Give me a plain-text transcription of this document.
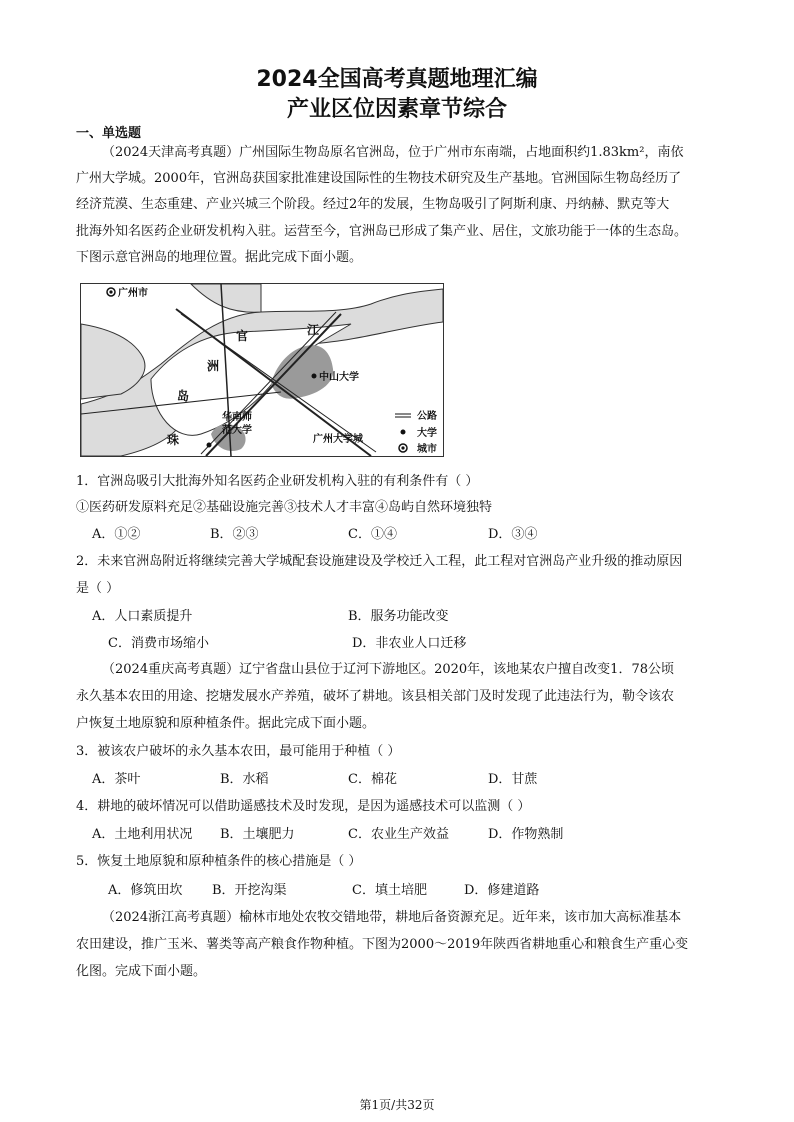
2024全国高考真题地理汇编
产业区位因素章节综合
一、单选题
（2024天津高考真题）广州国际生物岛原名官洲岛，位于广州市东南端，占地面积约1.83km²，南依
广州大学城。2000年，官洲岛获国家批准建设国际性的生物技术研究及生产基地。官洲国际生物岛经历了
经济荒漠、生态重建、产业兴城三个阶段。经过2年的发展，生物岛吸引了阿斯利康、丹纳赫、默克等大
批海外知名医药企业研发机构入驻。运营至今，官洲岛已形成了集产业、居住，文旅功能于一体的生态岛。
下图示意官洲岛的地理位置。据此完成下面小题。
广州市
江
官
洲
岛
珠
中山大学
华南师
范大学
广州大学城
公路
大学
城市
1．官洲岛吸引大批海外知名医药企业研发机构入驻的有利条件有（ ）
①医药研发原料充足②基础设施完善③技术人才丰富④岛屿自然环境独特
A．①②	B．②③	C．①④	D．③④
2．未来官洲岛附近将继续完善大学城配套设施建设及学校迁入工程，此工程对官洲岛产业升级的推动原因
是（ ）
A．人口素质提升	B．服务功能改变
C．消费市场缩小	D．非农业人口迁移
（2024重庆高考真题）辽宁省盘山县位于辽河下游地区。2020年，该地某农户擅自改变1．78公顷
永久基本农田的用途、挖塘发展水产养殖，破坏了耕地。该县相关部门及时发现了此违法行为，勒令该农
户恢复土地原貌和原种植条件。据此完成下面小题。
3．被该农户破坏的永久基本农田，最可能用于种植（ ）
A．茶叶	B．水稻	C．棉花	D．甘蔗
4．耕地的破坏情况可以借助遥感技术及时发现，是因为遥感技术可以监测（ ）
A．土地利用状况 B．土壤肥力	C．农业生产效益	D．作物熟制
5．恢复土地原貌和原种植条件的核心措施是（ ）
A．修筑田坎 B．开挖沟渠	C．填土培肥	D．修建道路
（2024浙江高考真题）榆林市地处农牧交错地带，耕地后备资源充足。近年来，该市加大高标准基本
农田建设，推广玉米、薯类等高产粮食作物种植。下图为2000～2019年陕西省耕地重心和粮食生产重心变
化图。完成下面小题。
第1页/共32页
